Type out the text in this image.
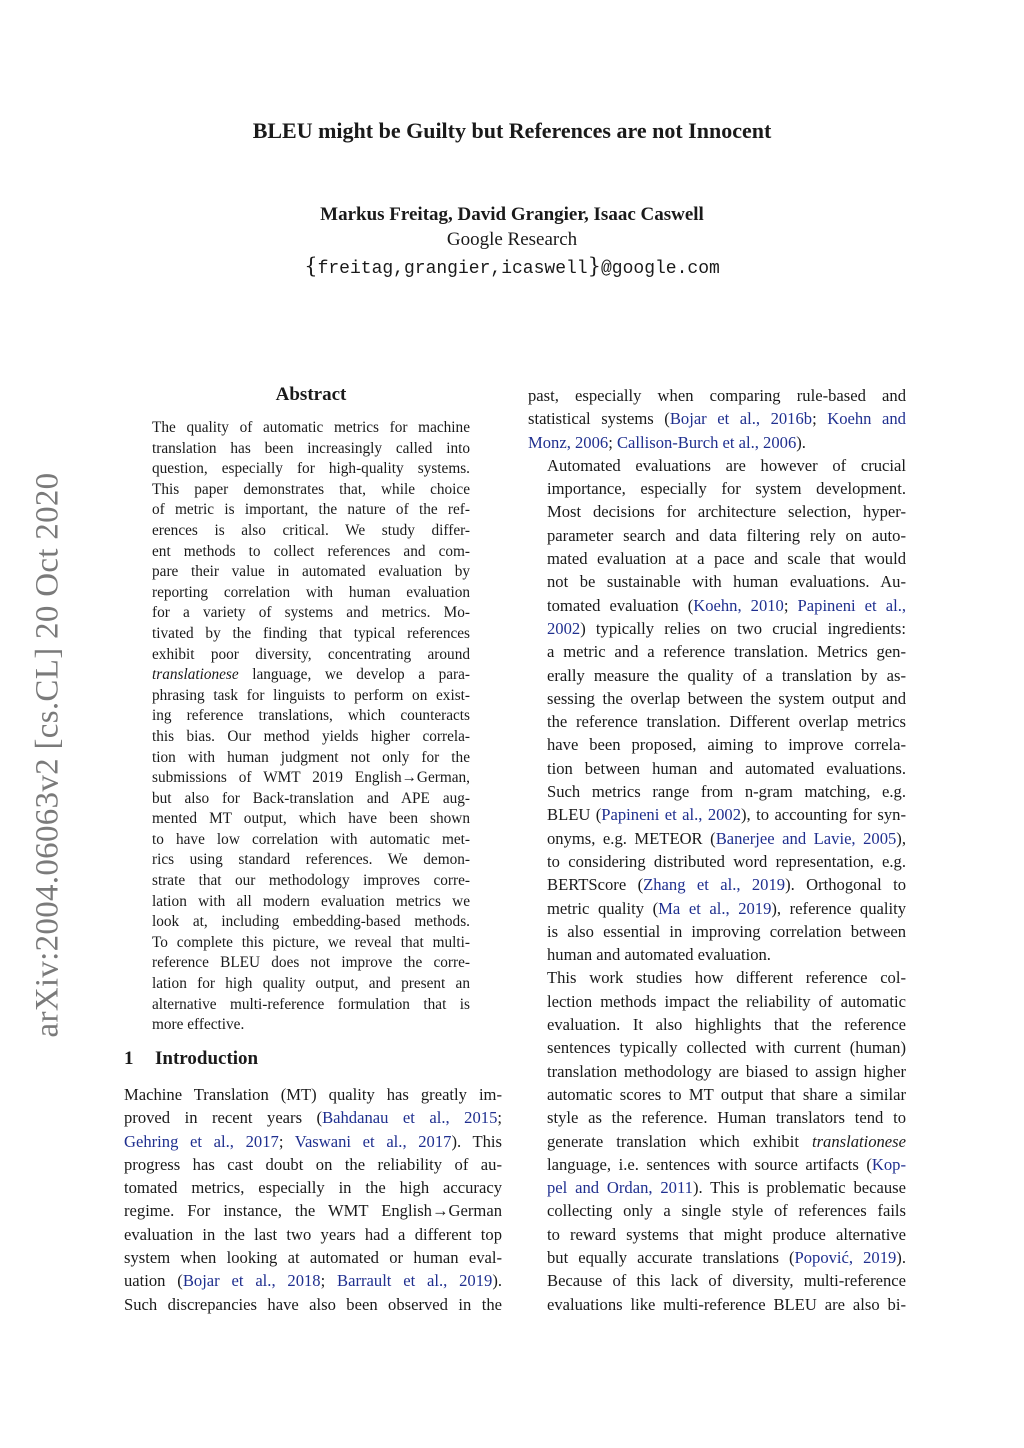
arXiv:2004.06063v2 [cs.CL] 20 Oct 2020
BLEU might be Guilty but References are not Innocent
Markus Freitag, David Grangier, Isaac Caswell
Google Research
{freitag,grangier,icaswell}@google.com
Abstract
The quality of automatic metrics for machine
translation has been increasingly called into
question, especially for high-quality systems.
This paper demonstrates that, while choice
of metric is important, the nature of the ref-
erences is also critical. We study differ-
ent methods to collect references and com-
pare their value in automated evaluation by
reporting correlation with human evaluation
for a variety of systems and metrics. Mo-
tivated by the finding that typical references
exhibit poor diversity, concentrating around
translationese language, we develop a para-
phrasing task for linguists to perform on exist-
ing reference translations, which counteracts
this bias. Our method yields higher correla-
tion with human judgment not only for the
submissions of WMT 2019 English→German,
but also for Back-translation and APE aug-
mented MT output, which have been shown
to have low correlation with automatic met-
rics using standard references. We demon-
strate that our methodology improves corre-
lation with all modern evaluation metrics we
look at, including embedding-based methods.
To complete this picture, we reveal that multi-
reference BLEU does not improve the corre-
lation for high quality output, and present an
alternative multi-reference formulation that is
more effective.
1 Introduction
Machine Translation (MT) quality has greatly im-
proved in recent years (Bahdanau et al., 2015;
Gehring et al., 2017; Vaswani et al., 2017). This
progress has cast doubt on the reliability of au-
tomated metrics, especially in the high accuracy
regime. For instance, the WMT English→German
evaluation in the last two years had a different top
system when looking at automated or human eval-
uation (Bojar et al., 2018; Barrault et al., 2019).
Such discrepancies have also been observed in the

past, especially when comparing rule-based and
statistical systems (Bojar et al., 2016b; Koehn and
Monz, 2006; Callison-Burch et al., 2006).

Automated evaluations are however of crucial
importance, especially for system development.
Most decisions for architecture selection, hyper-
parameter search and data filtering rely on auto-
mated evaluation at a pace and scale that would
not be sustainable with human evaluations. Au-
tomated evaluation (Koehn, 2010; Papineni et al.,
2002) typically relies on two crucial ingredients:
a metric and a reference translation. Metrics gen-
erally measure the quality of a translation by as-
sessing the overlap between the system output and
the reference translation. Different overlap metrics
have been proposed, aiming to improve correla-
tion between human and automated evaluations.
Such metrics range from n-gram matching, e.g.
BLEU (Papineni et al., 2002), to accounting for syn-
onyms, e.g. METEOR (Banerjee and Lavie, 2005),
to considering distributed word representation, e.g.
BERTScore (Zhang et al., 2019). Orthogonal to
metric quality (Ma et al., 2019), reference quality
is also essential in improving correlation between
human and automated evaluation.

This work studies how different reference col-
lection methods impact the reliability of automatic
evaluation. It also highlights that the reference
sentences typically collected with current (human)
translation methodology are biased to assign higher
automatic scores to MT output that share a similar
style as the reference. Human translators tend to
generate translation which exhibit translationese
language, i.e. sentences with source artifacts (Kop-
pel and Ordan, 2011). This is problematic because
collecting only a single style of references fails
to reward systems that might produce alternative
but equally accurate translations (Popović, 2019).
Because of this lack of diversity, multi-reference
evaluations like multi-reference BLEU are also bi-
